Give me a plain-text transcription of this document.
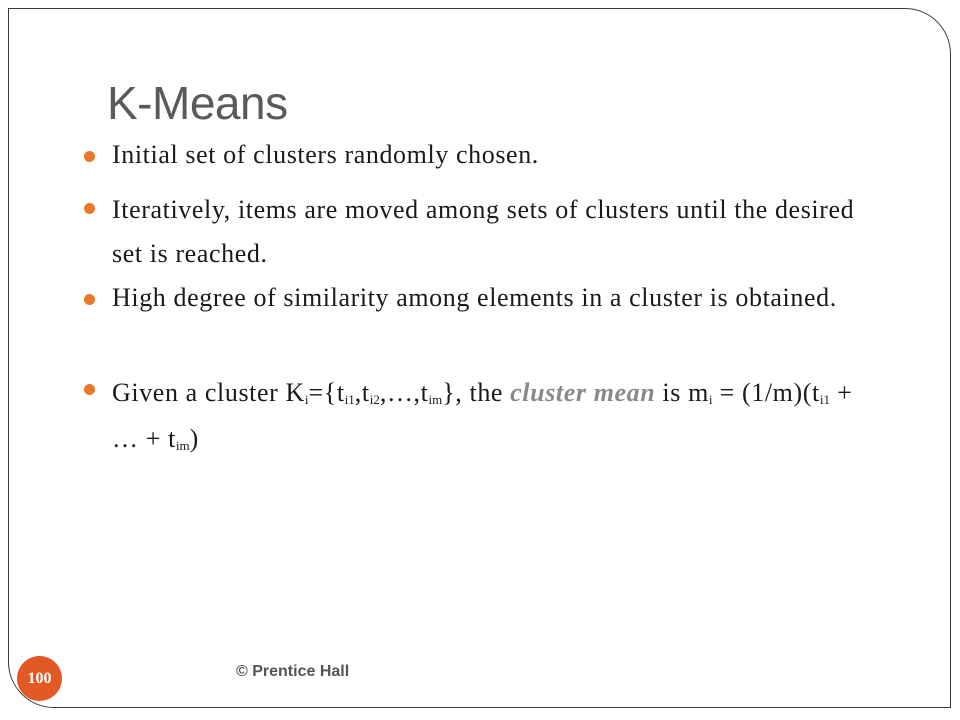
K-Means
Initial set of clusters randomly chosen.
Iteratively, items are moved among sets of clusters until the desired set is reached.
High degree of similarity among elements in a cluster is obtained.
Given a cluster $K_i=\{t_{i1},t_{i2},\dots,t_{im}\}$, the cluster mean is $m_i = (1/m)(t_{i1}$ + … + $t_{im}$)
100	© Prentice Hall
